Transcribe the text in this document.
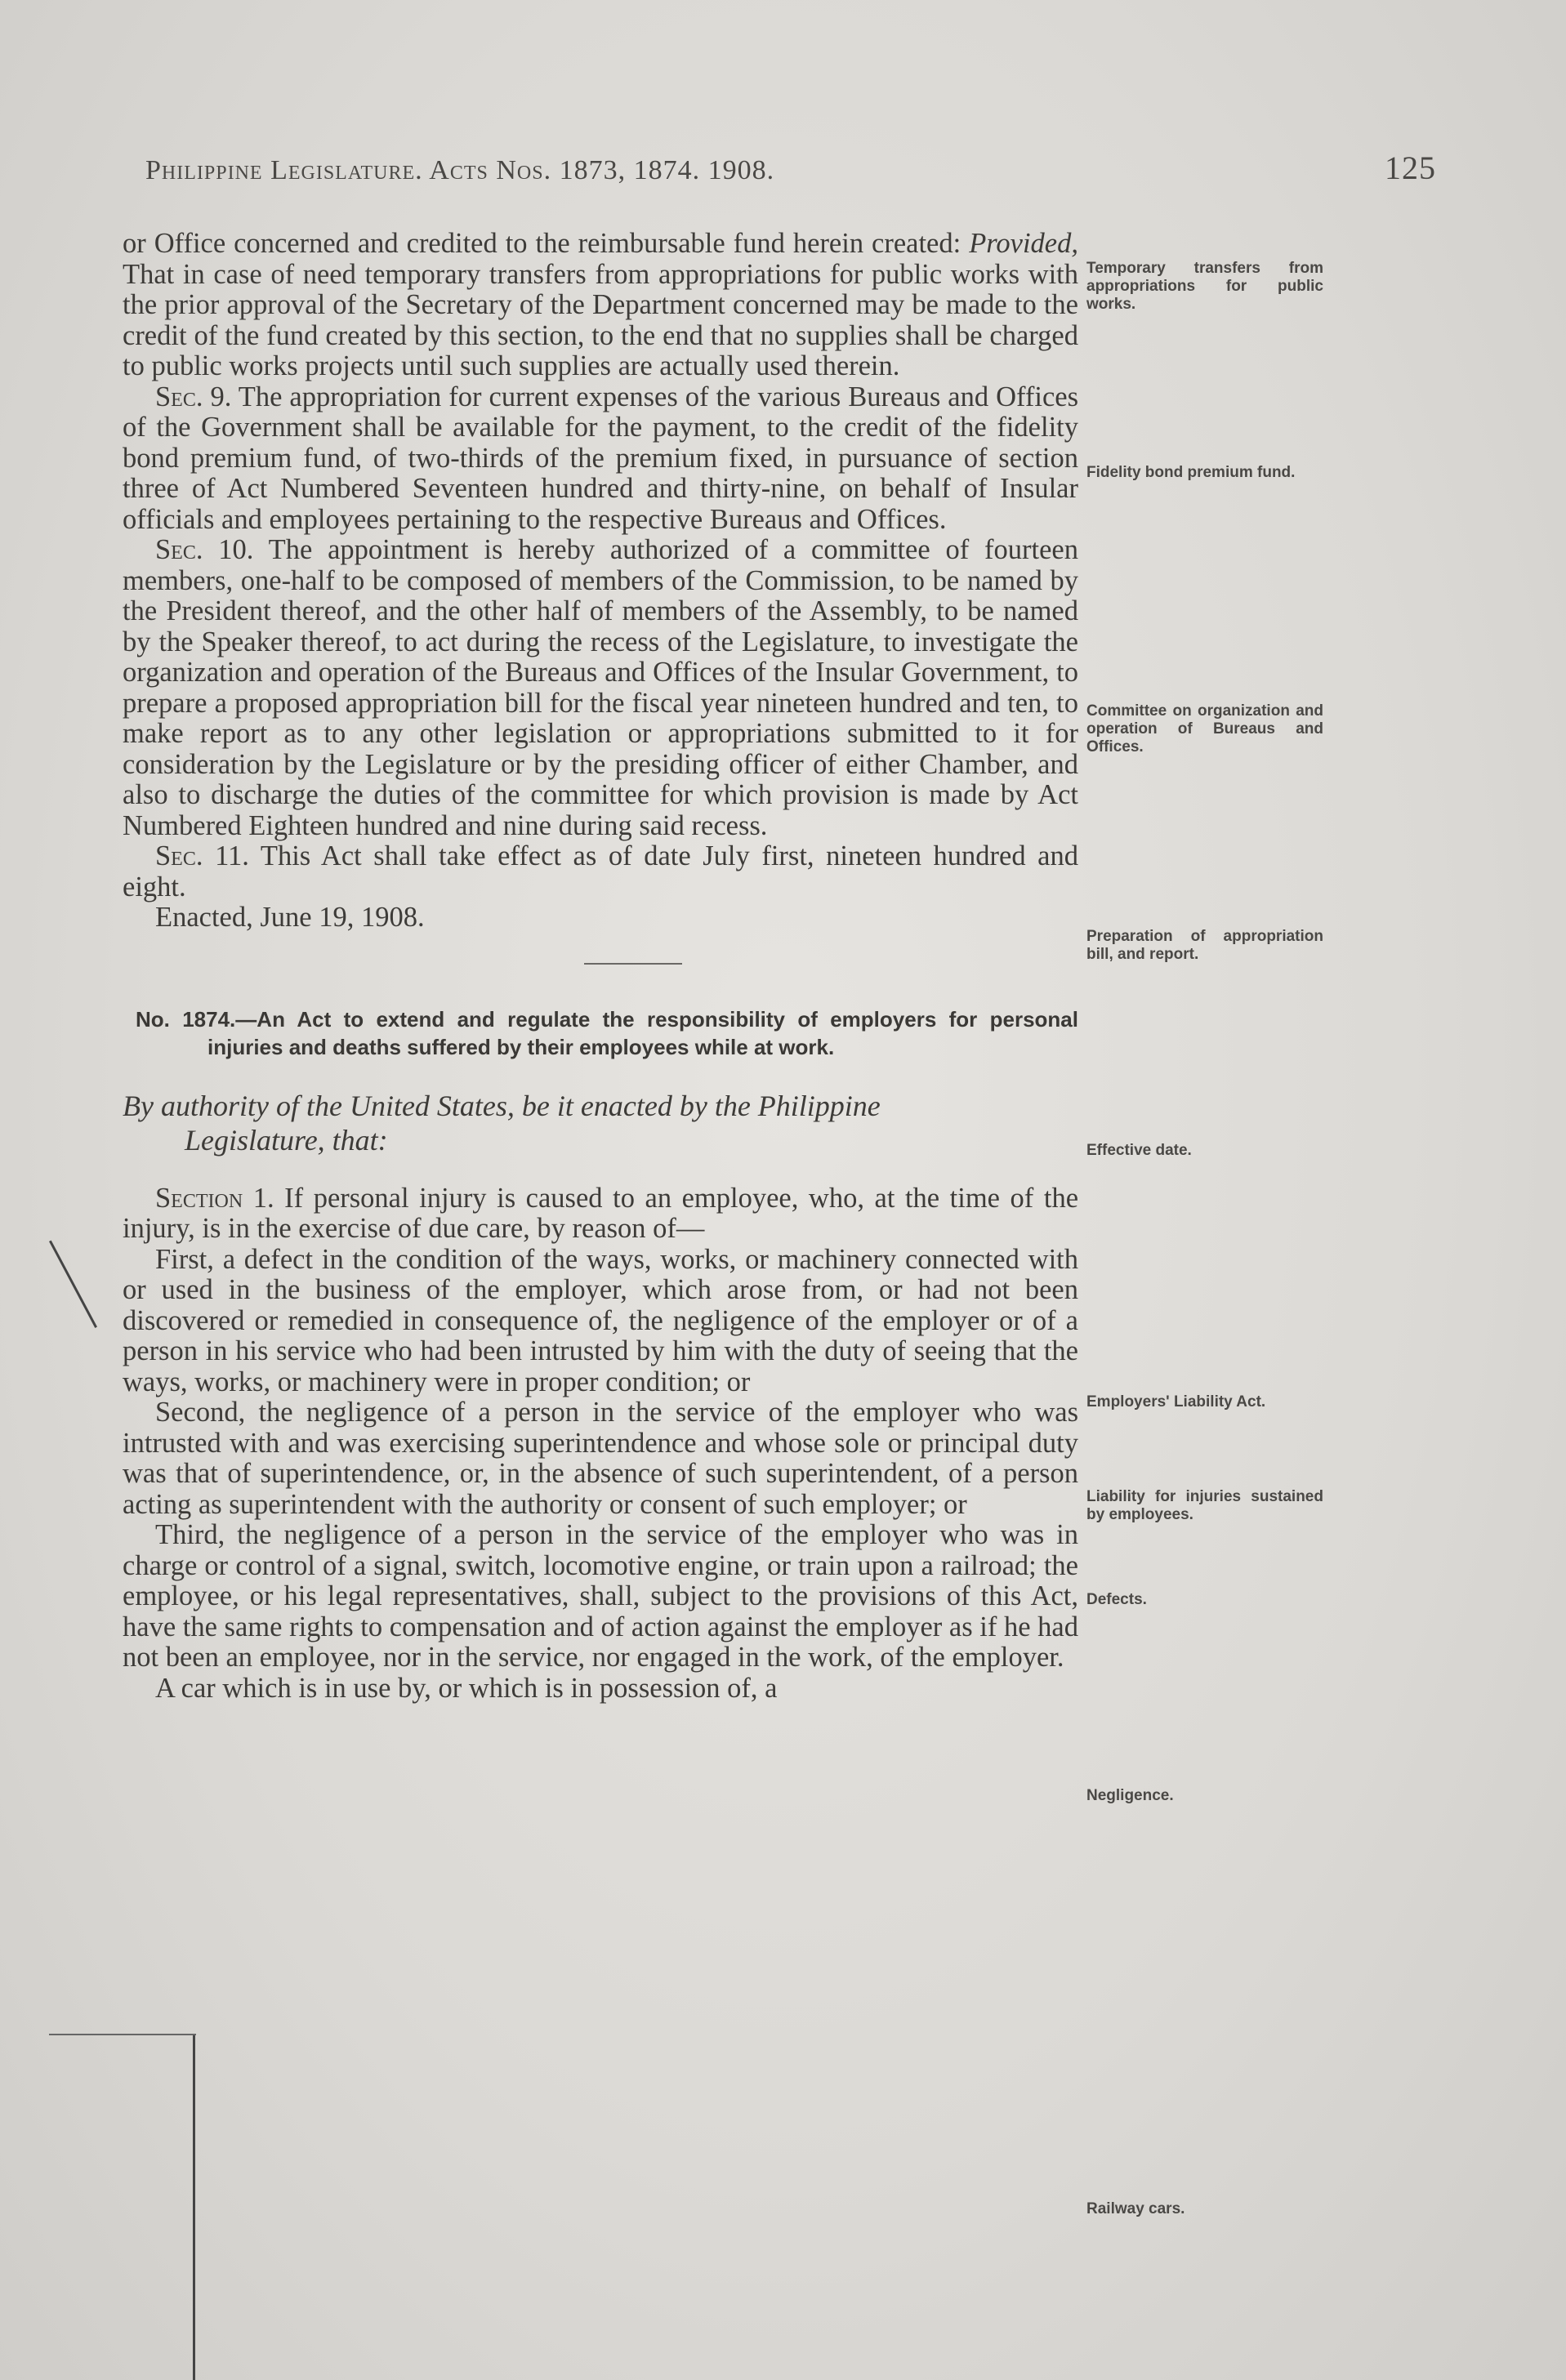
Philippine Legislature. Acts Nos. 1873, 1874. 1908.	125

or Office concerned and credited to the reimbursable fund herein created: Provided, That in case of need temporary transfers from appropriations for public works with the prior approval of the Secretary of the Department concerned may be made to the credit of the fund created by this section, to the end that no supplies shall be charged to public works projects until such supplies are actually used therein.

Sec. 9. The appropriation for current expenses of the various Bureaus and Offices of the Government shall be available for the payment, to the credit of the fidelity bond premium fund, of two-thirds of the premium fixed, in pursuance of section three of Act Numbered Seventeen hundred and thirty-nine, on behalf of Insular officials and employees pertaining to the respective Bureaus and Offices.

Sec. 10. The appointment is hereby authorized of a committee of fourteen members, one-half to be composed of members of the Commission, to be named by the President thereof, and the other half of members of the Assembly, to be named by the Speaker thereof, to act during the recess of the Legislature, to investigate the organization and operation of the Bureaus and Offices of the Insular Government, to prepare a proposed appropriation bill for the fiscal year nineteen hundred and ten, to make report as to any other legislation or appropriations submitted to it for consideration by the Legislature or by the presiding officer of either Chamber, and also to discharge the duties of the committee for which provision is made by Act Numbered Eighteen hundred and nine during said recess.

Sec. 11. This Act shall take effect as of date July first, nineteen hundred and eight.

Enacted, June 19, 1908.

No. 1874.—An Act to extend and regulate the responsibility of employers for personal injuries and deaths suffered by their employees while at work.
By authority of the United States, be it enacted by the Philippine
Legislature, that:

Section 1. If personal injury is caused to an employee, who, at the time of the injury, is in the exercise of due care, by reason of—

First, a defect in the condition of the ways, works, or machinery connected with or used in the business of the employer, which arose from, or had not been discovered or remedied in consequence of, the negligence of the employer or of a person in his service who had been intrusted by him with the duty of seeing that the ways, works, or machinery were in proper condition; or

Second, the negligence of a person in the service of the employer who was intrusted with and was exercising superintendence and whose sole or principal duty was that of superintendence, or, in the absence of such superintendent, of a person acting as superintendent with the authority or consent of such employer; or

Third, the negligence of a person in the service of the employer who was in charge or control of a signal, switch, locomotive engine, or train upon a railroad; the employee, or his legal representatives, shall, subject to the provisions of this Act, have the same rights to compensation and of action against the employer as if he had not been an employee, nor in the service, nor engaged in the work, of the employer.

A car which is in use by, or which is in possession of, a

Temporary transfers from appropriations for public works.
Fidelity bond premium fund.
Committee on organization and operation of Bureaus and Offices.
Preparation of appropriation bill, and report.
Effective date.
Employers' Liability Act.
Liability for injuries sustained by employees.
Defects.
Negligence.
Railway cars.
